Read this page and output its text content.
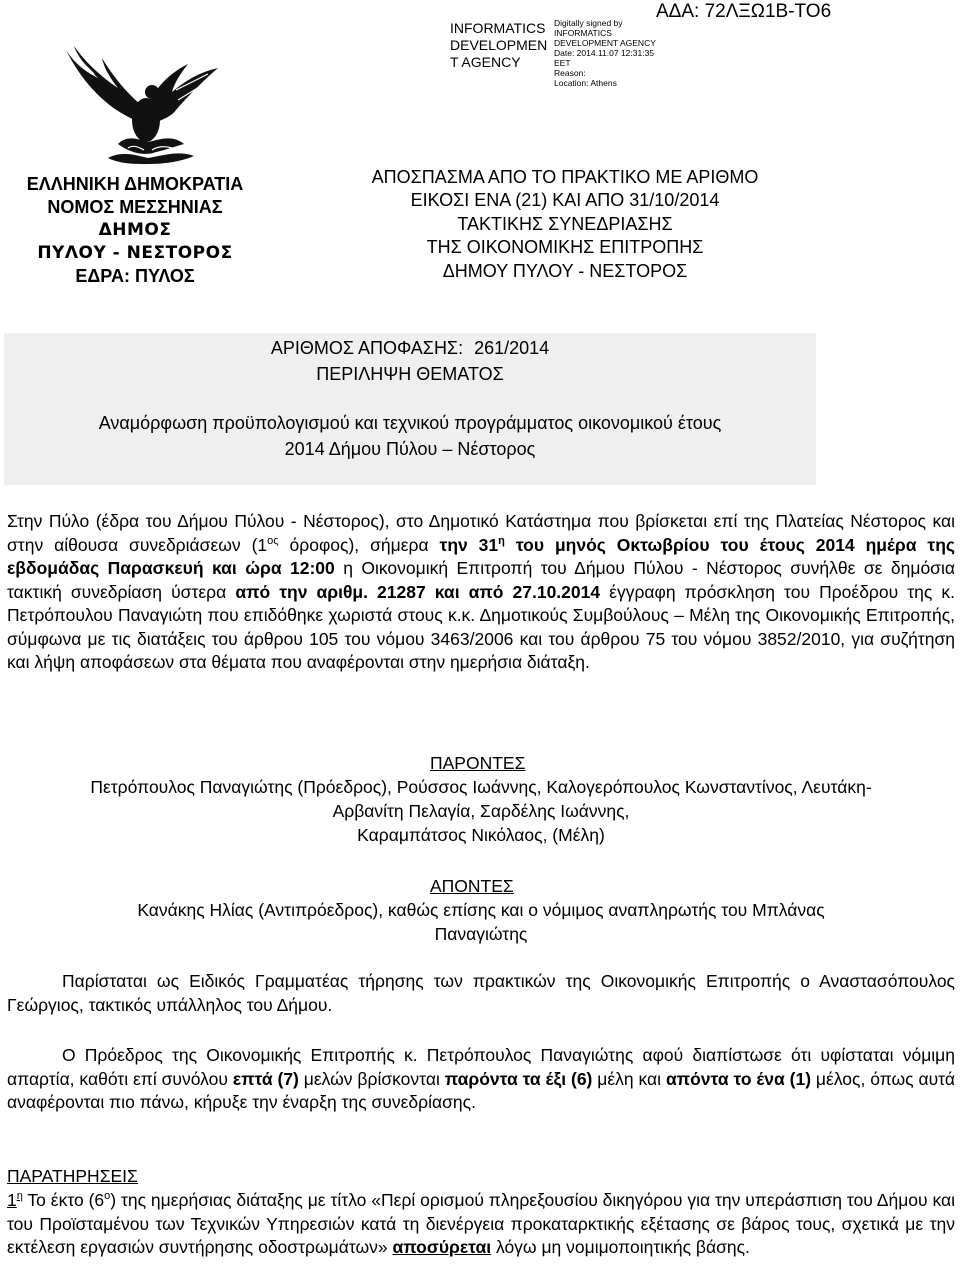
INFORMATICS
DEVELOPMEN
T AGENCY
Digitally signed by
INFORMATICS
DEVELOPMENT AGENCY
Date: 2014.11.07 12:31:35
EET
Reason:
Location: Athens
ΑΔΑ: 72ΛΞΩ1Β-ΤΟ6
ΕΛΛΗΝΙΚΗ ΔΗΜΟΚΡΑΤΙΑ
ΝΟΜΟΣ ΜΕΣΣΗΝΙΑΣ
ΔΗΜΟΣ
ΠΥΛΟΥ - ΝΕΣΤΟΡΟΣ
ΕΔΡΑ: ΠΥΛΟΣ
ΑΠΟΣΠΑΣΜΑ ΑΠΟ ΤΟ ΠΡΑΚΤΙΚΟ ΜΕ ΑΡΙΘΜΟ
ΕΙΚΟΣΙ ΕΝΑ (21) ΚΑΙ ΑΠΟ 31/10/2014
ΤΑΚΤΙΚΗΣ ΣΥΝΕΔΡΙΑΣΗΣ
ΤΗΣ ΟΙΚΟΝΟΜΙΚΗΣ ΕΠΙΤΡΟΠΗΣ
ΔΗΜΟΥ ΠΥΛΟΥ - ΝΕΣΤΟΡΟΣ
ΑΡΙΘΜΟΣ ΑΠΟΦΑΣΗΣ: 261/2014
ΠΕΡΙΛΗΨΗ ΘΕΜΑΤΟΣ
Αναμόρφωση προϋπολογισμού και τεχνικού προγράμματος οικονομικού έτους
2014 Δήμου Πύλου – Νέστορος
Στην Πύλο (έδρα του Δήμου Πύλου - Νέστορος), στο Δημοτικό Κατάστημα που βρίσκεται επί της Πλατείας Νέστορος και στην αίθουσα συνεδριάσεων ($1^{o\varsigma}$ όροφος), σήμερα την $31^\eta$ του μηνός Οκτωβρίου του έτους 2014 ημέρα της εβδομάδας Παρασκευή και ώρα 12:00 η Οικονομική Επιτροπή του Δήμου Πύλου - Νέστορος συνήλθε σε δημόσια τακτική συνεδρίαση ύστερα από την αριθμ. 21287 και από 27.10.2014 έγγραφη πρόσκληση του Προέδρου της κ. Πετρόπουλου Παναγιώτη που επιδόθηκε χωριστά στους κ.κ. Δημοτικούς Συμβούλους – Μέλη της Οικονομικής Επιτροπής, σύμφωνα με τις διατάξεις του άρθρου 105 του νόμου 3463/2006 και του άρθρου 75 του νόμου 3852/2010, για συζήτηση και λήψη αποφάσεων στα θέματα που αναφέρονται στην ημερήσια διάταξη.
ΠΑΡΟΝΤΕΣ
Πετρόπουλος Παναγιώτης (Πρόεδρος), Ρούσσος Ιωάννης, Καλογερόπουλος Κωνσταντίνος, Λευτάκη-
Αρβανίτη Πελαγία, Σαρδέλης Ιωάννης,
Καραμπάτσος Νικόλαος, (Μέλη)
ΑΠΟΝΤΕΣ
Κανάκης Ηλίας (Αντιπρόεδρος), καθώς επίσης και ο νόμιμος αναπληρωτής του Μπλάνας
Παναγιώτης
Παρίσταται ως Ειδικός Γραμματέας τήρησης των πρακτικών της Οικονομικής Επιτροπής ο Αναστασόπουλος Γεώργιος, τακτικός υπάλληλος του Δήμου.
Ο Πρόεδρος της Οικονομικής Επιτροπής κ. Πετρόπουλος Παναγιώτης αφού διαπίστωσε ότι υφίσταται νόμιμη απαρτία, καθότι επί συνόλου επτά (7) μελών βρίσκονται παρόντα τα έξι (6) μέλη και απόντα το ένα (1) μέλος, όπως αυτά αναφέρονται πιο πάνω, κήρυξε την έναρξη της συνεδρίασης.
ΠΑΡΑΤΗΡΗΣΕΙΣ
$1^\eta$ Το έκτο $(6^o)$ της ημερήσιας διάταξης με τίτλο «Περί ορισμού πληρεξουσίου δικηγόρου για την υπεράσπιση του Δήμου και του Προϊσταμένου των Τεχνικών Υπηρεσιών κατά τη διενέργεια προκαταρκτικής εξέτασης σε βάρος τους, σχετικά με την εκτέλεση εργασιών συντήρησης οδοστρωμάτων» αποσύρεται λόγω μη νομιμοποιητικής βάσης.
